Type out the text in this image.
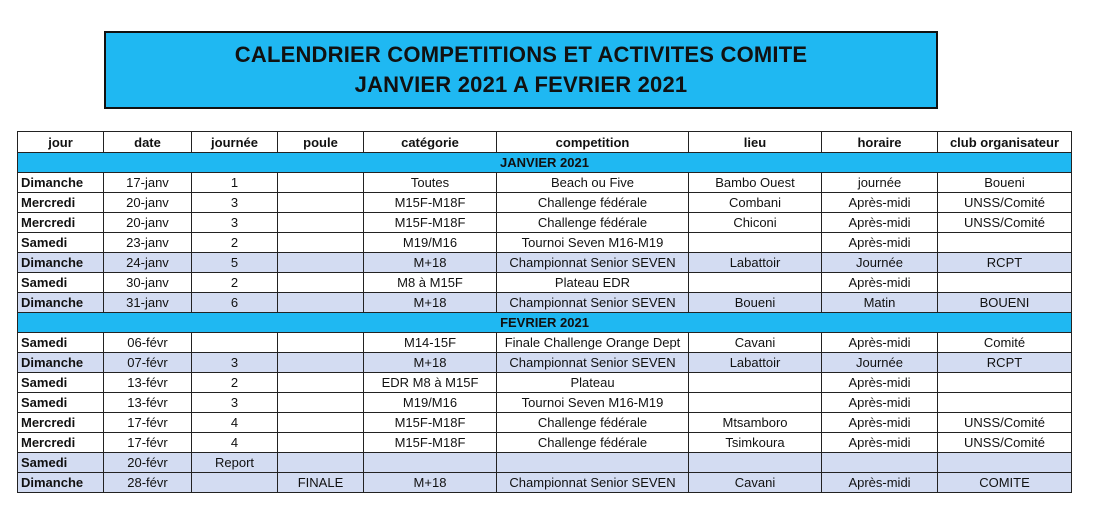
CALENDRIER COMPETITIONS ET ACTIVITES COMITE
JANVIER 2021 A FEVRIER 2021
jour	date	journée	poule	catégorie	competition	lieu	horaire	club organisateur
JANVIER 2021								
Dimanche	17-janv	1		Toutes	Beach ou Five	Bambo Ouest	journée	Boueni
Mercredi	20-janv	3		M15F-M18F	Challenge fédérale	Combani	Après-midi	UNSS/Comité
Mercredi	20-janv	3		M15F-M18F	Challenge fédérale	Chiconi	Après-midi	UNSS/Comité
Samedi	23-janv	2		M19/M16	Tournoi Seven M16-M19		Après-midi	
Dimanche	24-janv	5		M+18	Championnat Senior SEVEN	Labattoir	Journée	RCPT
Samedi	30-janv	2		M8 à M15F	Plateau EDR		Après-midi	
Dimanche	31-janv	6		M+18	Championnat Senior SEVEN	Boueni	Matin	BOUENI
FEVRIER 2021								
Samedi	06-févr			M14-15F	Finale Challenge Orange Dept	Cavani	Après-midi	Comité
Dimanche	07-févr	3		M+18	Championnat Senior SEVEN	Labattoir	Journée	RCPT
Samedi	13-févr	2		EDR M8 à M15F	Plateau		Après-midi	
Samedi	13-févr	3		M19/M16	Tournoi Seven M16-M19		Après-midi	
Mercredi	17-févr	4		M15F-M18F	Challenge fédérale	Mtsamboro	Après-midi	UNSS/Comité
Mercredi	17-févr	4		M15F-M18F	Challenge fédérale	Tsimkoura	Après-midi	UNSS/Comité
Samedi	20-févr	Report						
Dimanche	28-févr		FINALE	M+18	Championnat Senior SEVEN	Cavani	Après-midi	COMITE
